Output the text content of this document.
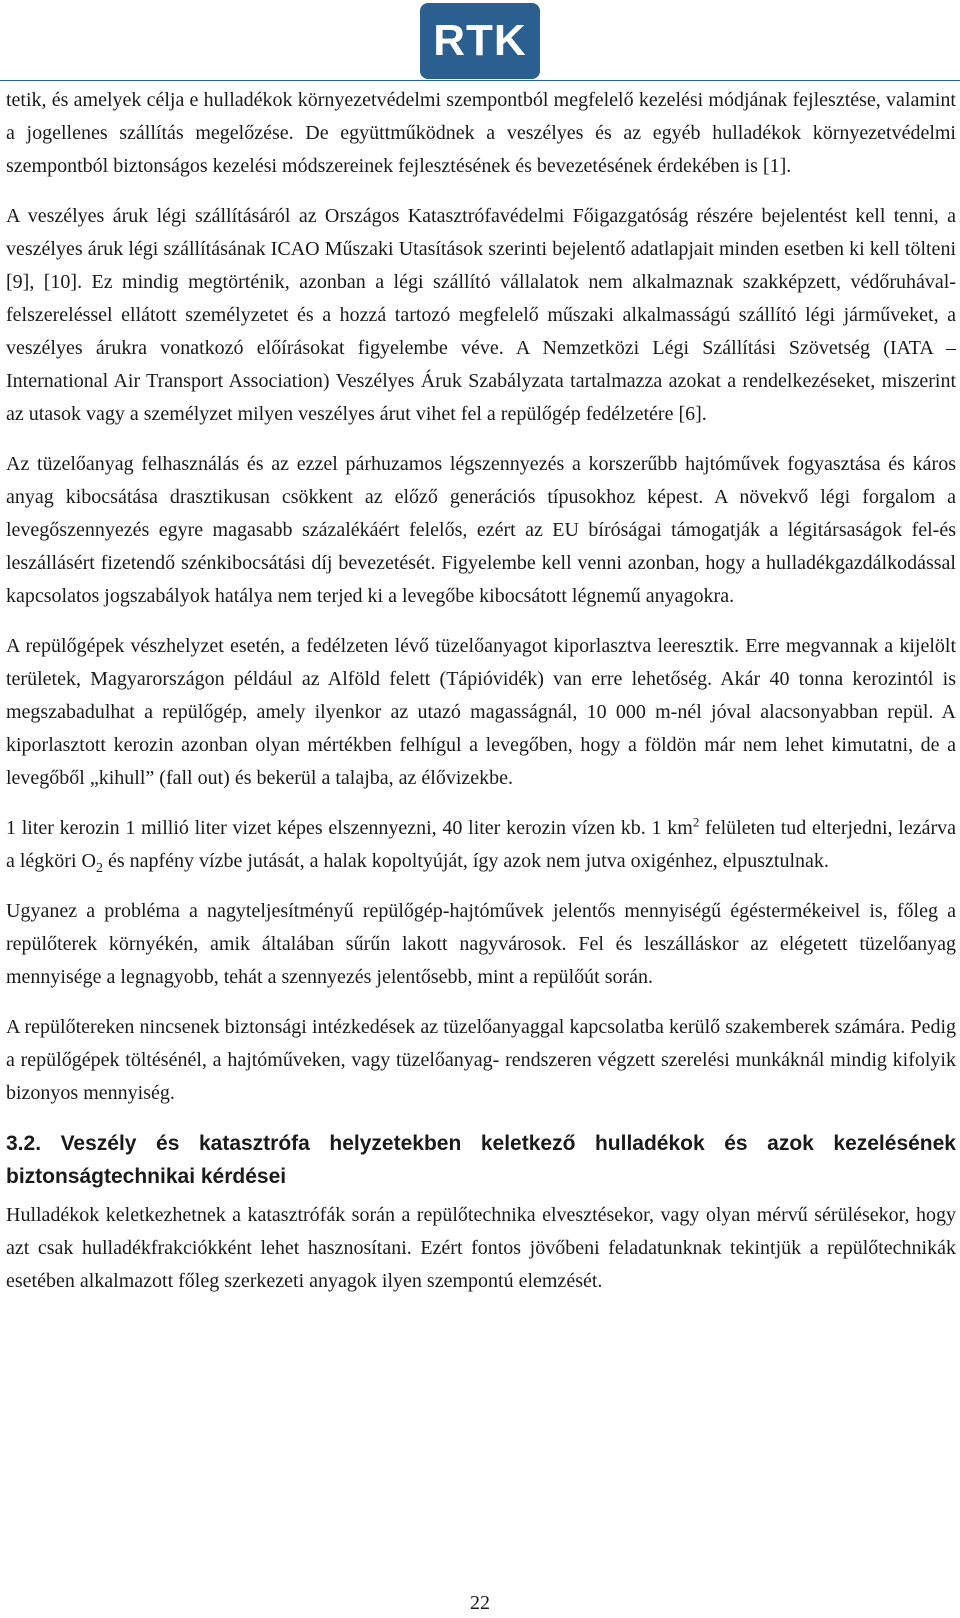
RTK

tetik, és amelyek célja e hulladékok környezetvédelmi szempontból megfelelő kezelési módjának fejlesztése, valamint a jogellenes szállítás megelőzése. De együttműködnek a veszélyes és az egyéb hulladékok környezetvédelmi szempontból biztonságos kezelési módszereinek fejlesztésének és bevezetésének érdekében is [1].

A veszélyes áruk légi szállításáról az Országos Katasztrófavédelmi Főigazgatóság részére bejelentést kell tenni, a veszélyes áruk légi szállításának ICAO Műszaki Utasítások szerinti bejelentő adatlapjait minden esetben ki kell tölteni [9], [10]. Ez mindig megtörténik, azonban a légi szállító vállalatok nem alkalmaznak szakképzett, védőruhával-felszereléssel ellátott személyzetet és a hozzá tartozó megfelelő műszaki alkalmasságú szállító légi járműveket, a veszélyes árukra vonatkozó előírásokat figyelembe véve. A Nemzetközi Légi Szállítási Szövetség (IATA – International Air Transport Association) Veszélyes Áruk Szabályzata tartalmazza azokat a rendelkezéseket, miszerint az utasok vagy a személyzet milyen veszélyes árut vihet fel a repülőgép fedélzetére [6].

Az tüzelőanyag felhasználás és az ezzel párhuzamos légszennyezés a korszerűbb hajtóművek fogyasztása és káros anyag kibocsátása drasztikusan csökkent az előző generációs típusokhoz képest. A növekvő légi forgalom a levegőszennyezés egyre magasabb százalékáért felelős, ezért az EU bíróságai támogatják a légitársaságok fel-és leszállásért fizetendő szénkibocsátási díj bevezetését. Figyelembe kell venni azonban, hogy a hulladékgazdálkodással kapcsolatos jogszabályok hatálya nem terjed ki a levegőbe kibocsátott légnemű anyagokra.

A repülőgépek vészhelyzet esetén, a fedélzeten lévő tüzelőanyagot kiporlasztva leeresztik. Erre megvannak a kijelölt területek, Magyarországon például az Alföld felett (Tápióvidék) van erre lehetőség. Akár 40 tonna kerozintól is megszabadulhat a repülőgép, amely ilyenkor az utazó magasságnál, 10 000 m-nél jóval alacsonyabban repül. A kiporlasztott kerozin azonban olyan mértékben felhígul a levegőben, hogy a földön már nem lehet kimutatni, de a levegőből „kihull” (fall out) és bekerül a talajba, az élővizekbe.

1 liter kerozin 1 millió liter vizet képes elszennyezni, 40 liter kerozin vízen kb. 1 $km^2$ felületen tud elterjedni, lezárva a légköri $O_2$ és napfény vízbe jutását, a halak kopoltyúját, így azok nem jutva oxigénhez, elpusztulnak.

Ugyanez a probléma a nagyteljesítményű repülőgép-hajtóművek jelentős mennyiségű égéstermékeivel is, főleg a repülőterek környékén, amik általában sűrűn lakott nagyvárosok. Fel és leszálláskor az elégetett tüzelőanyag mennyisége a legnagyobb, tehát a szennyezés jelentősebb, mint a repülőút során.

A repülőtereken nincsenek biztonsági intézkedések az tüzelőanyaggal kapcsolatba kerülő szakemberek számára. Pedig a repülőgépek töltésénél, a hajtóműveken, vagy tüzelőanyag- rendszeren végzett szerelési munkáknál mindig kifolyik bizonyos mennyiség.

3.2. Veszély és katasztrófa helyzetekben keletkező hulladékok és azok kezelésének biztonságtechnikai kérdései

Hulladékok keletkezhetnek a katasztrófák során a repülőtechnika elvesztésekor, vagy olyan mérvű sérülésekor, hogy azt csak hulladékfrakciókként lehet hasznosítani. Ezért fontos jövőbeni feladatunknak tekintjük a repülőtechnikák esetében alkalmazott főleg szerkezeti anyagok ilyen szempontú elemzését.

22
